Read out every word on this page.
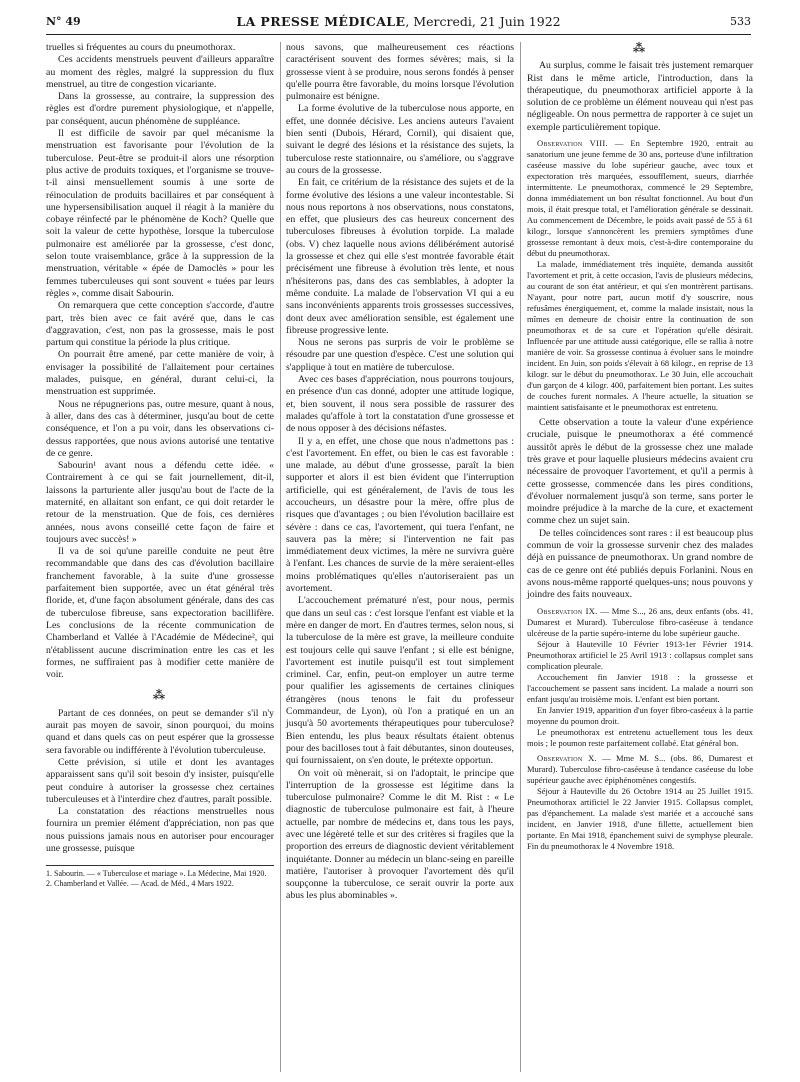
N° 49	LA PRESSE MÉDICALE, Mercredi, 21 Juin 1922	533

truelles si fréquentes au cours du pneumothorax.

Ces accidents menstruels peuvent d'ailleurs apparaître au moment des règles, malgré la suppression du flux menstruel, au titre de congestion vicariante.

Dans la grossesse, au contraire, la suppression des règles est d'ordre purement physiologique, et n'appelle, par conséquent, aucun phénomène de suppléance.

Il est difficile de savoir par quel mécanisme la menstruation est favorisante pour l'évolution de la tuberculose. Peut-être se produit-il alors une résorption plus active de produits toxiques, et l'organisme se trouve-t-il ainsi mensuellement soumis à une sorte de réinoculation de produits bacillaires et par conséquent à une hypersensibilisation auquel il réagit à la manière du cobaye réinfecté par le phénomène de Koch? Quelle que soit la valeur de cette hypothèse, lorsque la tuberculose pulmonaire est améliorée par la grossesse, c'est donc, selon toute vraisemblance, grâce à la suppression de la menstruation, véritable « épée de Damoclès » pour les femmes tuberculeuses qui sont souvent « tuées par leurs règles », comme disait Sabourin.

On remarquera que cette conception s'accorde, d'autre part, très bien avec ce fait avéré que, dans le cas d'aggravation, c'est, non pas la grossesse, mais le post partum qui constitue la période la plus critique.

On pourrait être amené, par cette manière de voir, à envisager la possibilité de l'allaitement pour certaines malades, puisque, en général, durant celui-ci, la menstruation est supprimée.

Nous ne répugnerions pas, outre mesure, quant à nous, à aller, dans des cas à déterminer, jusqu'au bout de cette conséquence, et l'on a pu voir, dans les observations ci-dessus rapportées, que nous avions autorisé une tentative de ce genre.

Sabourin¹ avant nous a défendu cette idée. « Contrairement à ce qui se fait journellement, dit-il, laissons la parturiente aller jusqu'au bout de l'acte de la maternité, en allaitant son enfant, ce qui doit retarder le retour de la menstruation. Que de fois, ces dernières années, nous avons conseillé cette façon de faire et toujours avec succès! »

Il va de soi qu'une pareille conduite ne peut être recommandable que dans des cas d'évolution bacillaire franchement favorable, à la suite d'une grossesse parfaitement bien supportée, avec un état général très floride, et, d'une façon absolument générale, dans des cas de tuberculose fibreuse, sans expectoration bacillifère. Les conclusions de la récente communication de Chamberland et Vallée à l'Académie de Médecine², qui n'établissent aucune discrimination entre les cas et les formes, ne suffiraient pas à modifier cette manière de voir.

⁂

Partant de ces données, on peut se demander s'il n'y aurait pas moyen de savoir, sinon pourquoi, du moins quand et dans quels cas on peut espérer que la grossesse sera favorable ou indifférente à l'évolution tuberculeuse.

Cette prévision, si utile et dont les avantages apparaissent sans qu'il soit besoin d'y insister, puisqu'elle peut conduire à autoriser la grossesse chez certaines tuberculeuses et à l'interdire chez d'autres, paraît possible.

La constatation des réactions menstruelles nous fournira un premier élément d'appréciation, non pas que nous puissions jamais nous en autoriser pour encourager une grossesse, puisque

1. Sabourin. — « Tuberculose et mariage ». La Médecine, Mai 1920.

2. Chamberland et Vallée. — Acad. de Méd., 4 Mars 1922.

nous savons, que malheureusement ces réactions caractérisent souvent des formes sévères; mais, si la grossesse vient à se produire, nous serons fondés à penser qu'elle pourra être favorable, du moins lorsque l'évolution pulmonaire est bénigne.

La forme évolutive de la tuberculose nous apporte, en effet, une donnée décisive. Les anciens auteurs l'avaient bien senti (Dubois, Hérard, Cornil), qui disaient que, suivant le degré des lésions et la résistance des sujets, la tuberculose reste stationnaire, ou s'améliore, ou s'aggrave au cours de la grossesse.

En fait, ce critérium de la résistance des sujets et de la forme évolutive des lésions a une valeur incontestable. Si nous nous reportons à nos observations, nous constatons, en effet, que plusieurs des cas heureux concernent des tuberculoses fibreuses à évolution torpide. La malade (obs. V) chez laquelle nous avions délibérément autorisé la grossesse et chez qui elle s'est montrée favorable était précisément une fibreuse à évolution très lente, et nous n'hésiterons pas, dans des cas semblables, à adopter la même conduite. La malade de l'observation VI qui a eu sans inconvénients apparents trois grossesses successives, dont deux avec amélioration sensible, est également une fibreuse progressive lente.

Nous ne serons pas surpris de voir le problème se résoudre par une question d'espèce. C'est une solution qui s'applique à tout en matière de tuberculose.

Avec ces bases d'appréciation, nous pourrons toujours, en présence d'un cas donné, adopter une attitude logique, et, bien souvent, il nous sera possible de rassurer des malades qu'affole à tort la constatation d'une grossesse et de nous opposer à des décisions néfastes.

Il y a, en effet, une chose que nous n'admettons pas : c'est l'avortement. En effet, ou bien le cas est favorable : une malade, au début d'une grossesse, paraît la bien supporter et alors il est bien évident que l'interruption artificielle, qui est généralement, de l'avis de tous les accoucheurs, un désastre pour la mère, offre plus de risques que d'avantages ; ou bien l'évolution bacillaire est sévère : dans ce cas, l'avortement, qui tuera l'enfant, ne sauvera pas la mère; si l'intervention ne fait pas immédiatement deux victimes, la mère ne survivra guère à l'enfant. Les chances de survie de la mère seraient-elles moins problématiques qu'elles n'autoriseraient pas un avortement.

L'accouchement prématuré n'est, pour nous, permis que dans un seul cas : c'est lorsque l'enfant est viable et la mère en danger de mort. En d'autres termes, selon nous, si la tuberculose de la mère est grave, la meilleure conduite est toujours celle qui sauve l'enfant ; si elle est bénigne, l'avortement est inutile puisqu'il est tout simplement criminel. Car, enfin, peut-on employer un autre terme pour qualifier les agissements de certaines cliniques étrangères (nous tenons le fait du professeur Commandeur, de Lyon), où l'on a pratiqué en un an jusqu'à 50 avortements thérapeutiques pour tuberculose? Bien entendu, les plus beaux résultats étaient obtenus pour des bacilloses tout à fait débutantes, sinon douteuses, qui fournissaient, on s'en doute, le prétexte opportun.

On voit où mènerait, si on l'adoptait, le principe que l'interruption de la grossesse est légitime dans la tuberculose pulmonaire? Comme le dit M. Rist : « Le diagnostic de tuberculose pulmonaire est fait, à l'heure actuelle, par nombre de médecins et, dans tous les pays, avec une légèreté telle et sur des critères si fragiles que la proportion des erreurs de diagnostic devient véritablement inquiétante. Donner au médecin un blanc-seing en pareille matière, l'autoriser à provoquer l'avortement dès qu'il soupçonne la tuberculose, ce serait ouvrir la porte aux abus les plus abominables ».

⁂

Au surplus, comme le faisait très justement remarquer Rist dans le même article, l'introduction, dans la thérapeutique, du pneumothorax artificiel apporte à la solution de ce problème un élément nouveau qui n'est pas négligeable. On nous permettra de rapporter à ce sujet un exemple particulièrement topique.

Observation VIII. — En Septembre 1920, entrait au sanatorium une jeune femme de 30 ans, porteuse d'une infiltration caséeuse massive du lobe supérieur gauche, avec toux et expectoration très marquées, essoufflement, sueurs, diarrhée intermittente. Le pneumothorax, commencé le 29 Septembre, donna immédiatement un bon résultat fonctionnel. Au bout d'un mois, il était presque total, et l'amélioration générale se dessinait. Au commencement de Décembre, le poids avait passé de 55 à 61 kilogr., lorsque s'annoncèrent les premiers symptômes d'une grossesse remontant à deux mois, c'est-à-dire contemporaine du début du pneumothorax.

La malade, immédiatement très inquiète, demanda aussitôt l'avortement et prit, à cette occasion, l'avis de plusieurs médecins, au courant de son état antérieur, et qui s'en montrèrent partisans. N'ayant, pour notre part, aucun motif d'y souscrire, nous refusâmes énergiquement, et, comme la malade insistait, nous la mîmes en demeure de choisir entre la continuation de son pneumothorax et de sa cure et l'opération qu'elle désirait. Influencée par une attitude aussi catégorique, elle se rallia à notre manière de voir. Sa grossesse continua à évoluer sans le moindre incident. En Juin, son poids s'élevait à 68 kilogr., en reprise de 13 kilogr. sur le début du pneumothorax. Le 30 Juin, elle accouchait d'un garçon de 4 kilogr. 400, parfaitement bien portant. Les suites de couches furent normales. A l'heure actuelle, la situation se maintient satisfaisante et le pneumothorax est entretenu.

Cette observation a toute la valeur d'une expérience cruciale, puisque le pneumothorax a été commencé aussitôt après le début de la grossesse chez une malade très grave et pour laquelle plusieurs médecins avaient cru nécessaire de provoquer l'avortement, et qu'il a permis à cette grossesse, commencée dans les pires conditions, d'évoluer normalement jusqu'à son terme, sans porter le moindre préjudice à la marche de la cure, et exactement comme chez un sujet sain.

De telles coïncidences sont rares : il est beaucoup plus commun de voir la grossesse survenir chez des malades déjà en puissance de pneumothorax. Un grand nombre de cas de ce genre ont été publiés depuis Forlanini. Nous en avons nous-même rapporté quelques-uns; nous pouvons y joindre des faits nouveaux.

Observation IX. — Mme S..., 26 ans, deux enfants (obs. 41, Dumarest et Murard). Tuberculose fibro-caséeuse à tendance ulcéreuse de la partie supéro-interne du lobe supérieur gauche.

Séjour à Hauteville 10 Février 1913-1er Février 1914. Pneumothorax artificiel le 25 Avril 1913 : collapsus complet sans complication pleurale.

Accouchement fin Janvier 1918 : la grossesse et l'accouchement se passent sans incident. La malade a nourri son enfant jusqu'au troisième mois. L'enfant est bien portant.

En Janvier 1919, apparition d'un foyer fibro-caséeux à la partie moyenne du poumon droit.

Le pneumothorax est entretenu actuellement tous les deux mois ; le poumon reste parfaitement collabé. Etat général bon.

Observation X. — Mme M. S... (obs. 86, Dumarest et Murard). Tuberculose fibro-caséeuse à tendance caséeuse du lobe supérieur gauche avec épiphénomènes congestifs.

Séjour à Hauteville du 26 Octobre 1914 au 25 Juillet 1915. Pneumothorax artificiel le 22 Janvier 1915. Collapsus complet, pas d'épanchement. La malade s'est mariée et a accouché sans incident, en Janvier 1918, d'une fillette, actuellement bien portante. En Mai 1918, épanchement suivi de symphyse pleurale. Fin du pneumothorax le 4 Novembre 1918.
